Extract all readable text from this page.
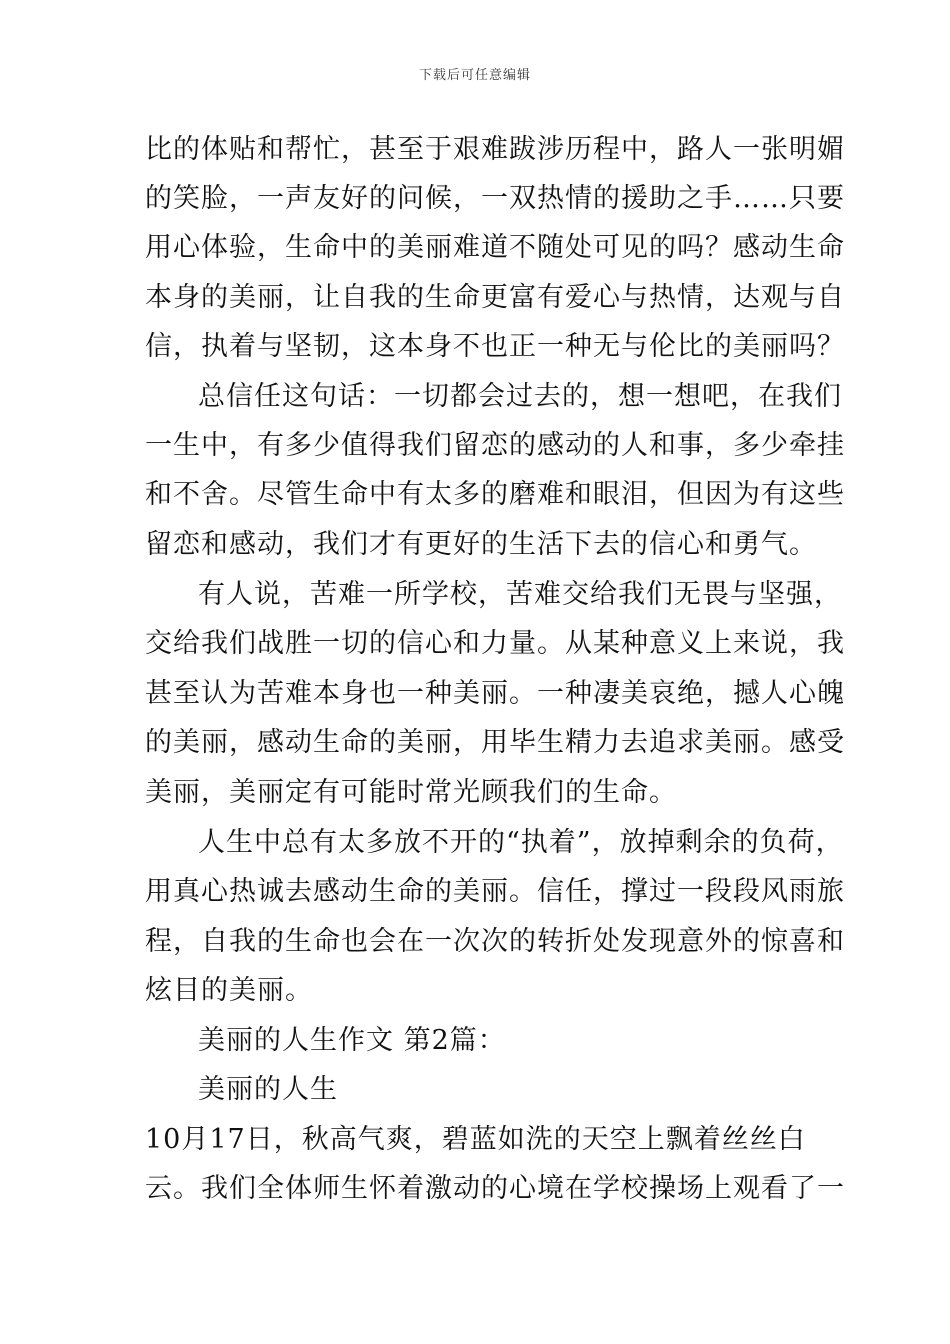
下载后可任意编辑
比的体贴和帮忙，甚至于艰难跋涉历程中，路人一张明媚
的笑脸，一声友好的问候，一双热情的援助之手……只要
用心体验，生命中的美丽难道不随处可见的吗？感动生命
本身的美丽，让自我的生命更富有爱心与热情，达观与自
信，执着与坚韧，这本身不也正一种无与伦比的美丽吗？
总信任这句话：一切都会过去的，想一想吧，在我们
一生中，有多少值得我们留恋的感动的人和事，多少牵挂
和不舍。尽管生命中有太多的磨难和眼泪，但因为有这些
留恋和感动，我们才有更好的生活下去的信心和勇气。
有人说，苦难一所学校，苦难交给我们无畏与坚强，
交给我们战胜一切的信心和力量。从某种意义上来说，我
甚至认为苦难本身也一种美丽。一种凄美哀绝，撼人心魄
的美丽，感动生命的美丽，用毕生精力去追求美丽。感受
美丽，美丽定有可能时常光顾我们的生命。
人生中总有太多放不开的“执着”，放掉剩余的负荷，
用真心热诚去感动生命的美丽。信任，撑过一段段风雨旅
程，自我的生命也会在一次次的转折处发现意外的惊喜和
炫目的美丽。
美丽的人生作文 第2篇：
美丽的人生
10月17日，秋高气爽，碧蓝如洗的天空上飘着丝丝白
云。我们全体师生怀着激动的心境在学校操场上观看了一
